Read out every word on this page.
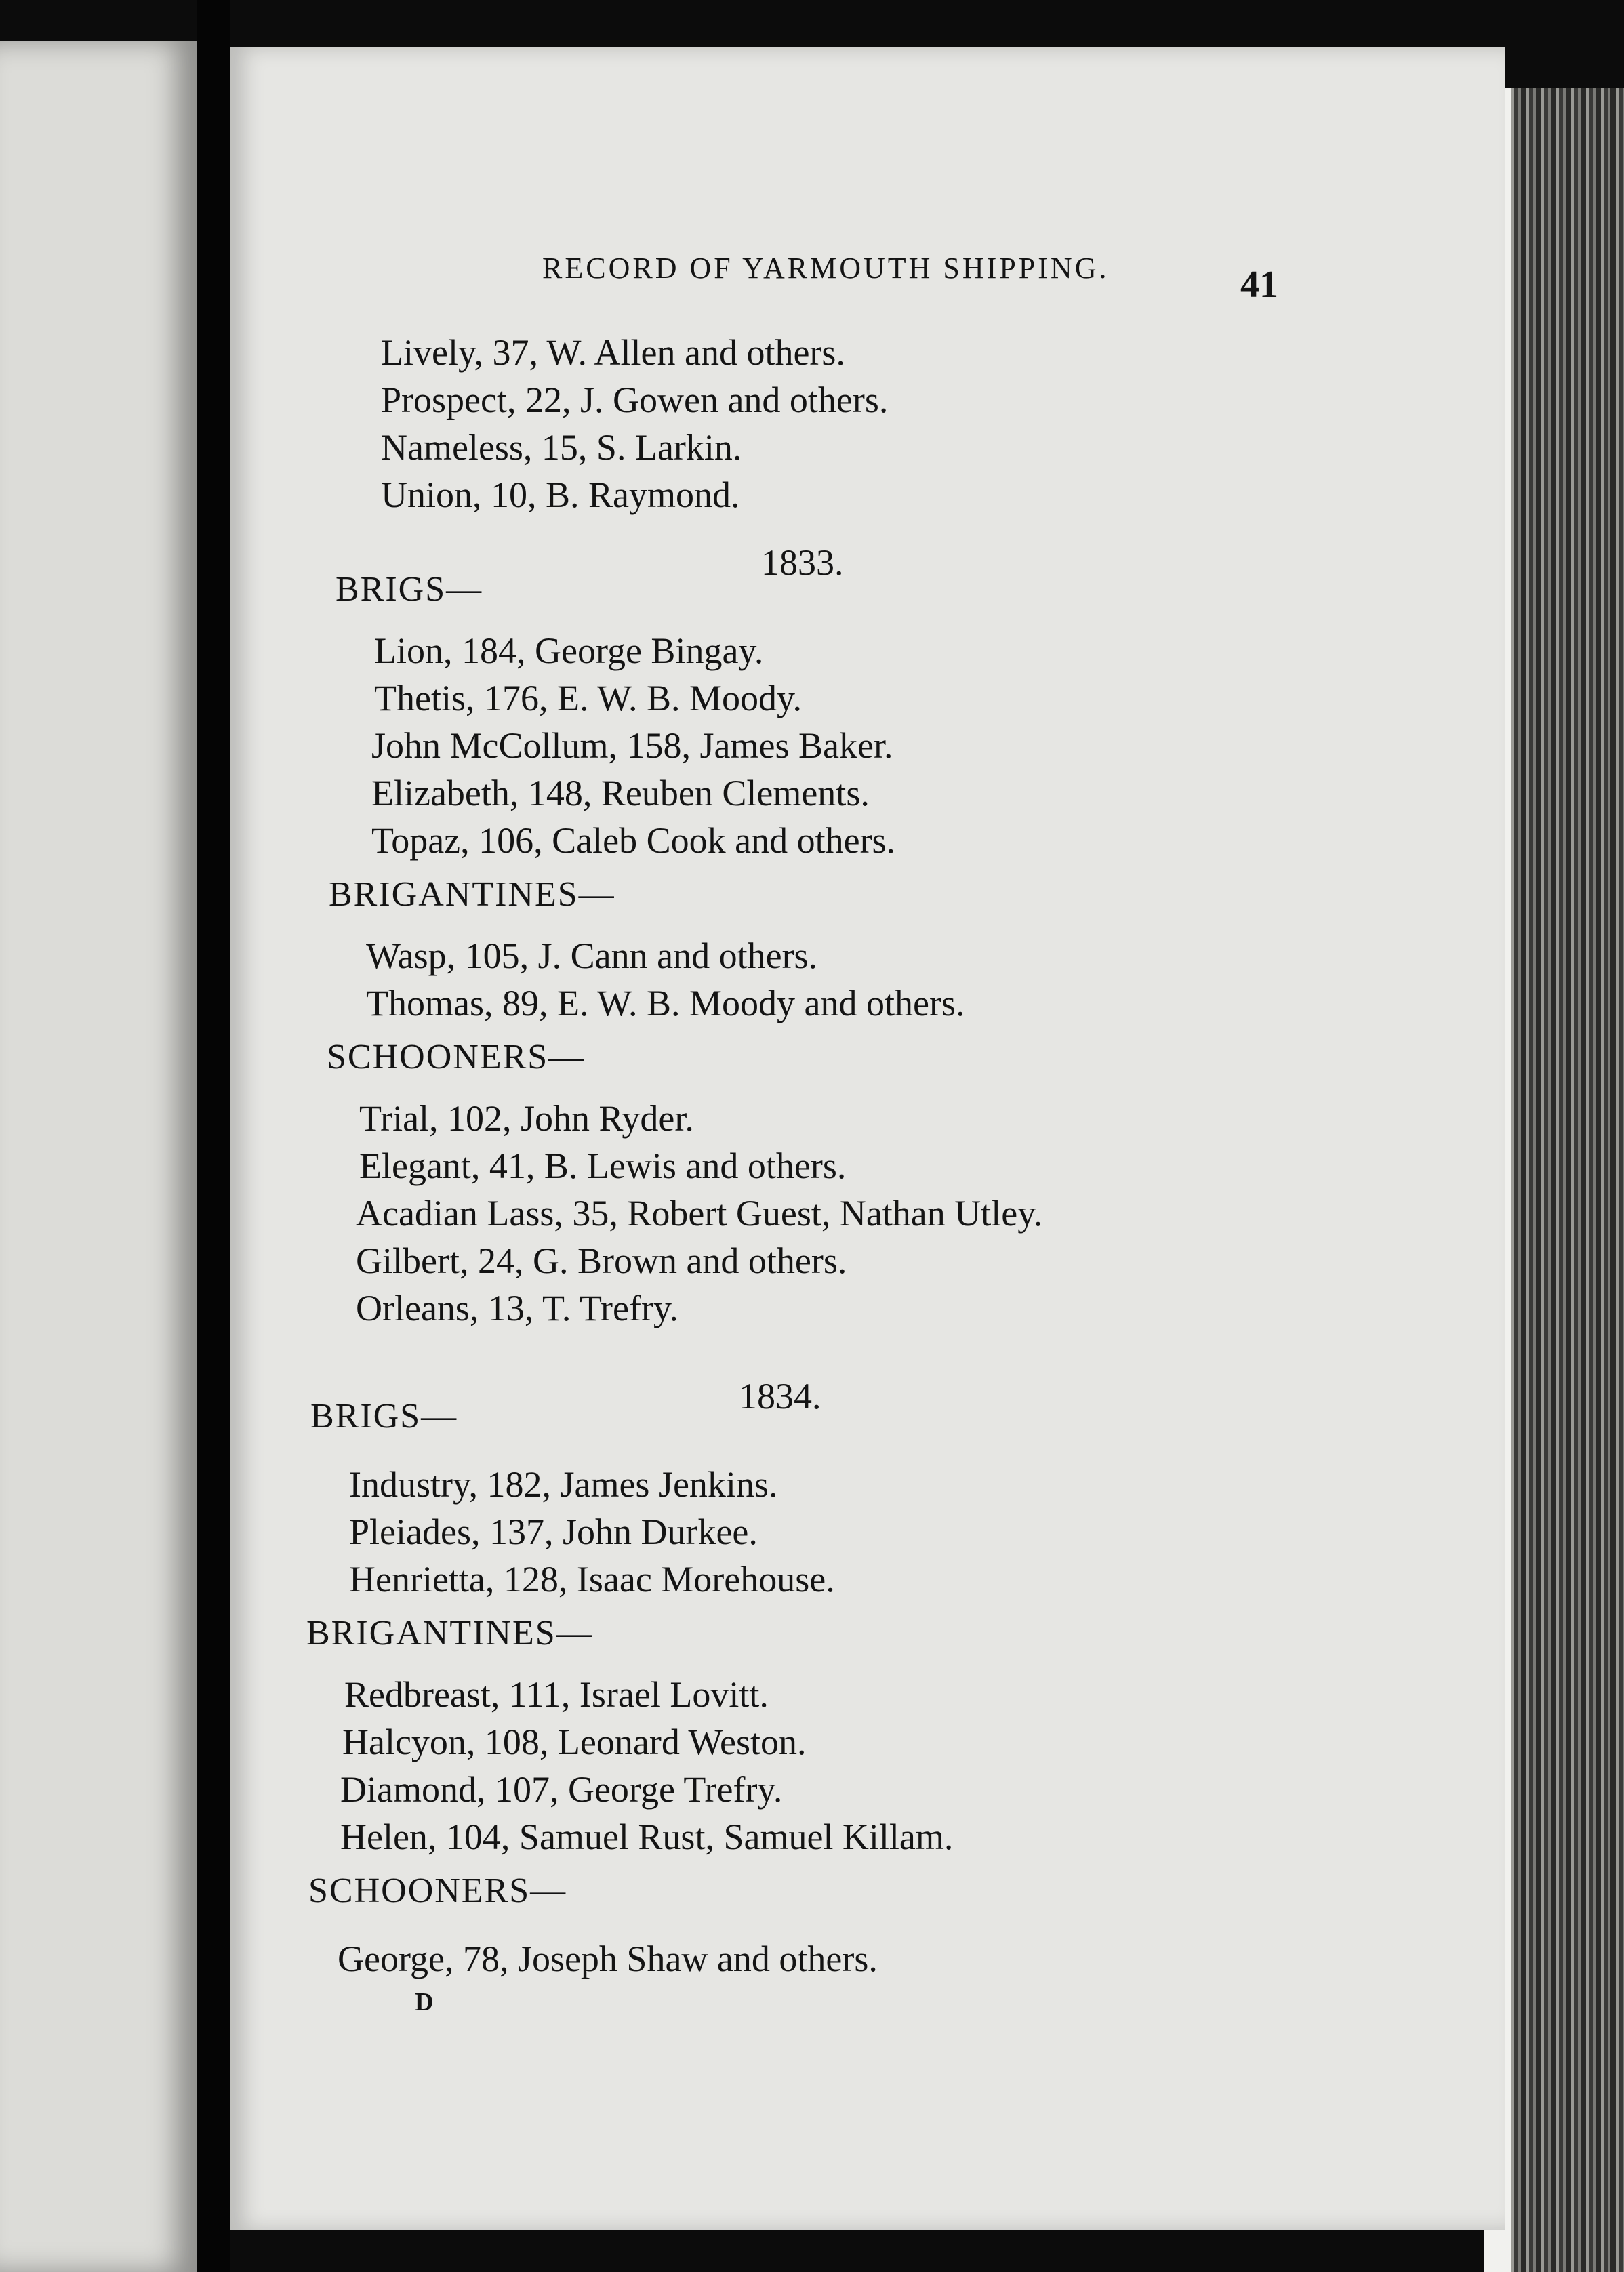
RECORD OF YARMOUTH SHIPPING.	41
Lively, 37, W. Allen and others.
Prospect, 22, J. Gowen and others.
Nameless, 15, S. Larkin.
Union, 10, B. Raymond.
1833.
BRIGS—
Lion, 184, George Bingay.
Thetis, 176, E. W. B. Moody.
John McCollum, 158, James Baker.
Elizabeth, 148, Reuben Clements.
Topaz, 106, Caleb Cook and others.
BRIGANTINES—
Wasp, 105, J. Cann and others.
Thomas, 89, E. W. B. Moody and others.
SCHOONERS—
Trial, 102, John Ryder.
Elegant, 41, B. Lewis and others.
Acadian Lass, 35, Robert Guest, Nathan Utley.
Gilbert, 24, G. Brown and others.
Orleans, 13, T. Trefry.
1834.
BRIGS—
Industry, 182, James Jenkins.
Pleiades, 137, John Durkee.
Henrietta, 128, Isaac Morehouse.
BRIGANTINES—
Redbreast, 111, Israel Lovitt.
Halcyon, 108, Leonard Weston.
Diamond, 107, George Trefry.
Helen, 104, Samuel Rust, Samuel Killam.
SCHOONERS—
George, 78, Joseph Shaw and others.
D
